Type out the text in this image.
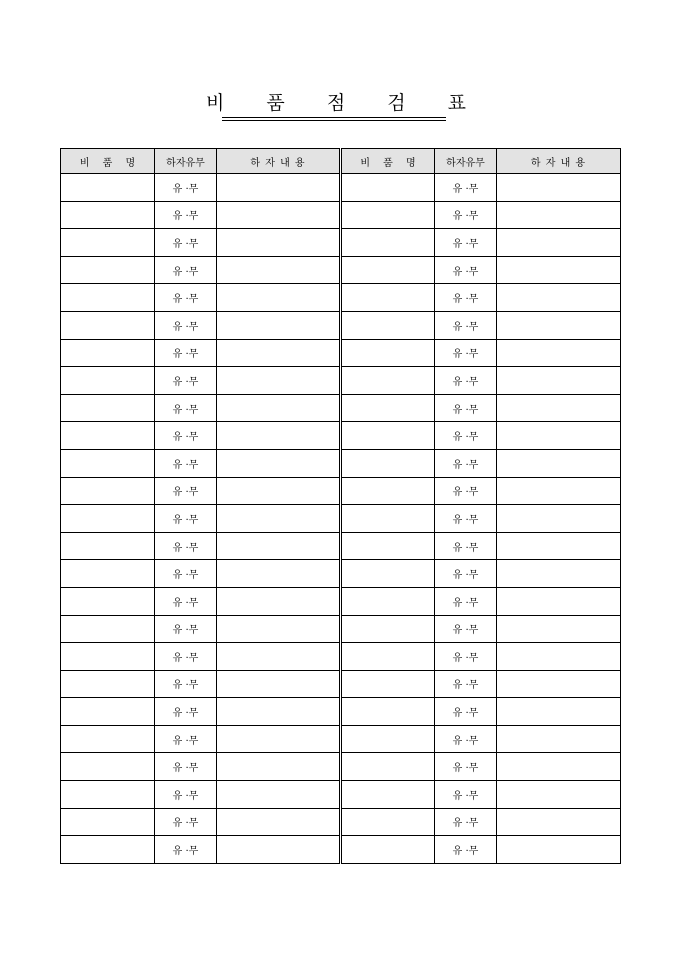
비 품 점 검 표
비 품 명	하자유무	하 자 내 용	비 품 명	하자유무	하 자 내 용
	유 ·무			유 ·무	
	유 ·무			유 ·무	
	유 ·무			유 ·무	
	유 ·무			유 ·무	
	유 ·무			유 ·무	
	유 ·무			유 ·무	
	유 ·무			유 ·무	
	유 ·무			유 ·무	
	유 ·무			유 ·무	
	유 ·무			유 ·무	
	유 ·무			유 ·무	
	유 ·무			유 ·무	
	유 ·무			유 ·무	
	유 ·무			유 ·무	
	유 ·무			유 ·무	
	유 ·무			유 ·무	
	유 ·무			유 ·무	
	유 ·무			유 ·무	
	유 ·무			유 ·무	
	유 ·무			유 ·무	
	유 ·무			유 ·무	
	유 ·무			유 ·무	
	유 ·무			유 ·무	
	유 ·무			유 ·무	
	유 ·무			유 ·무	
